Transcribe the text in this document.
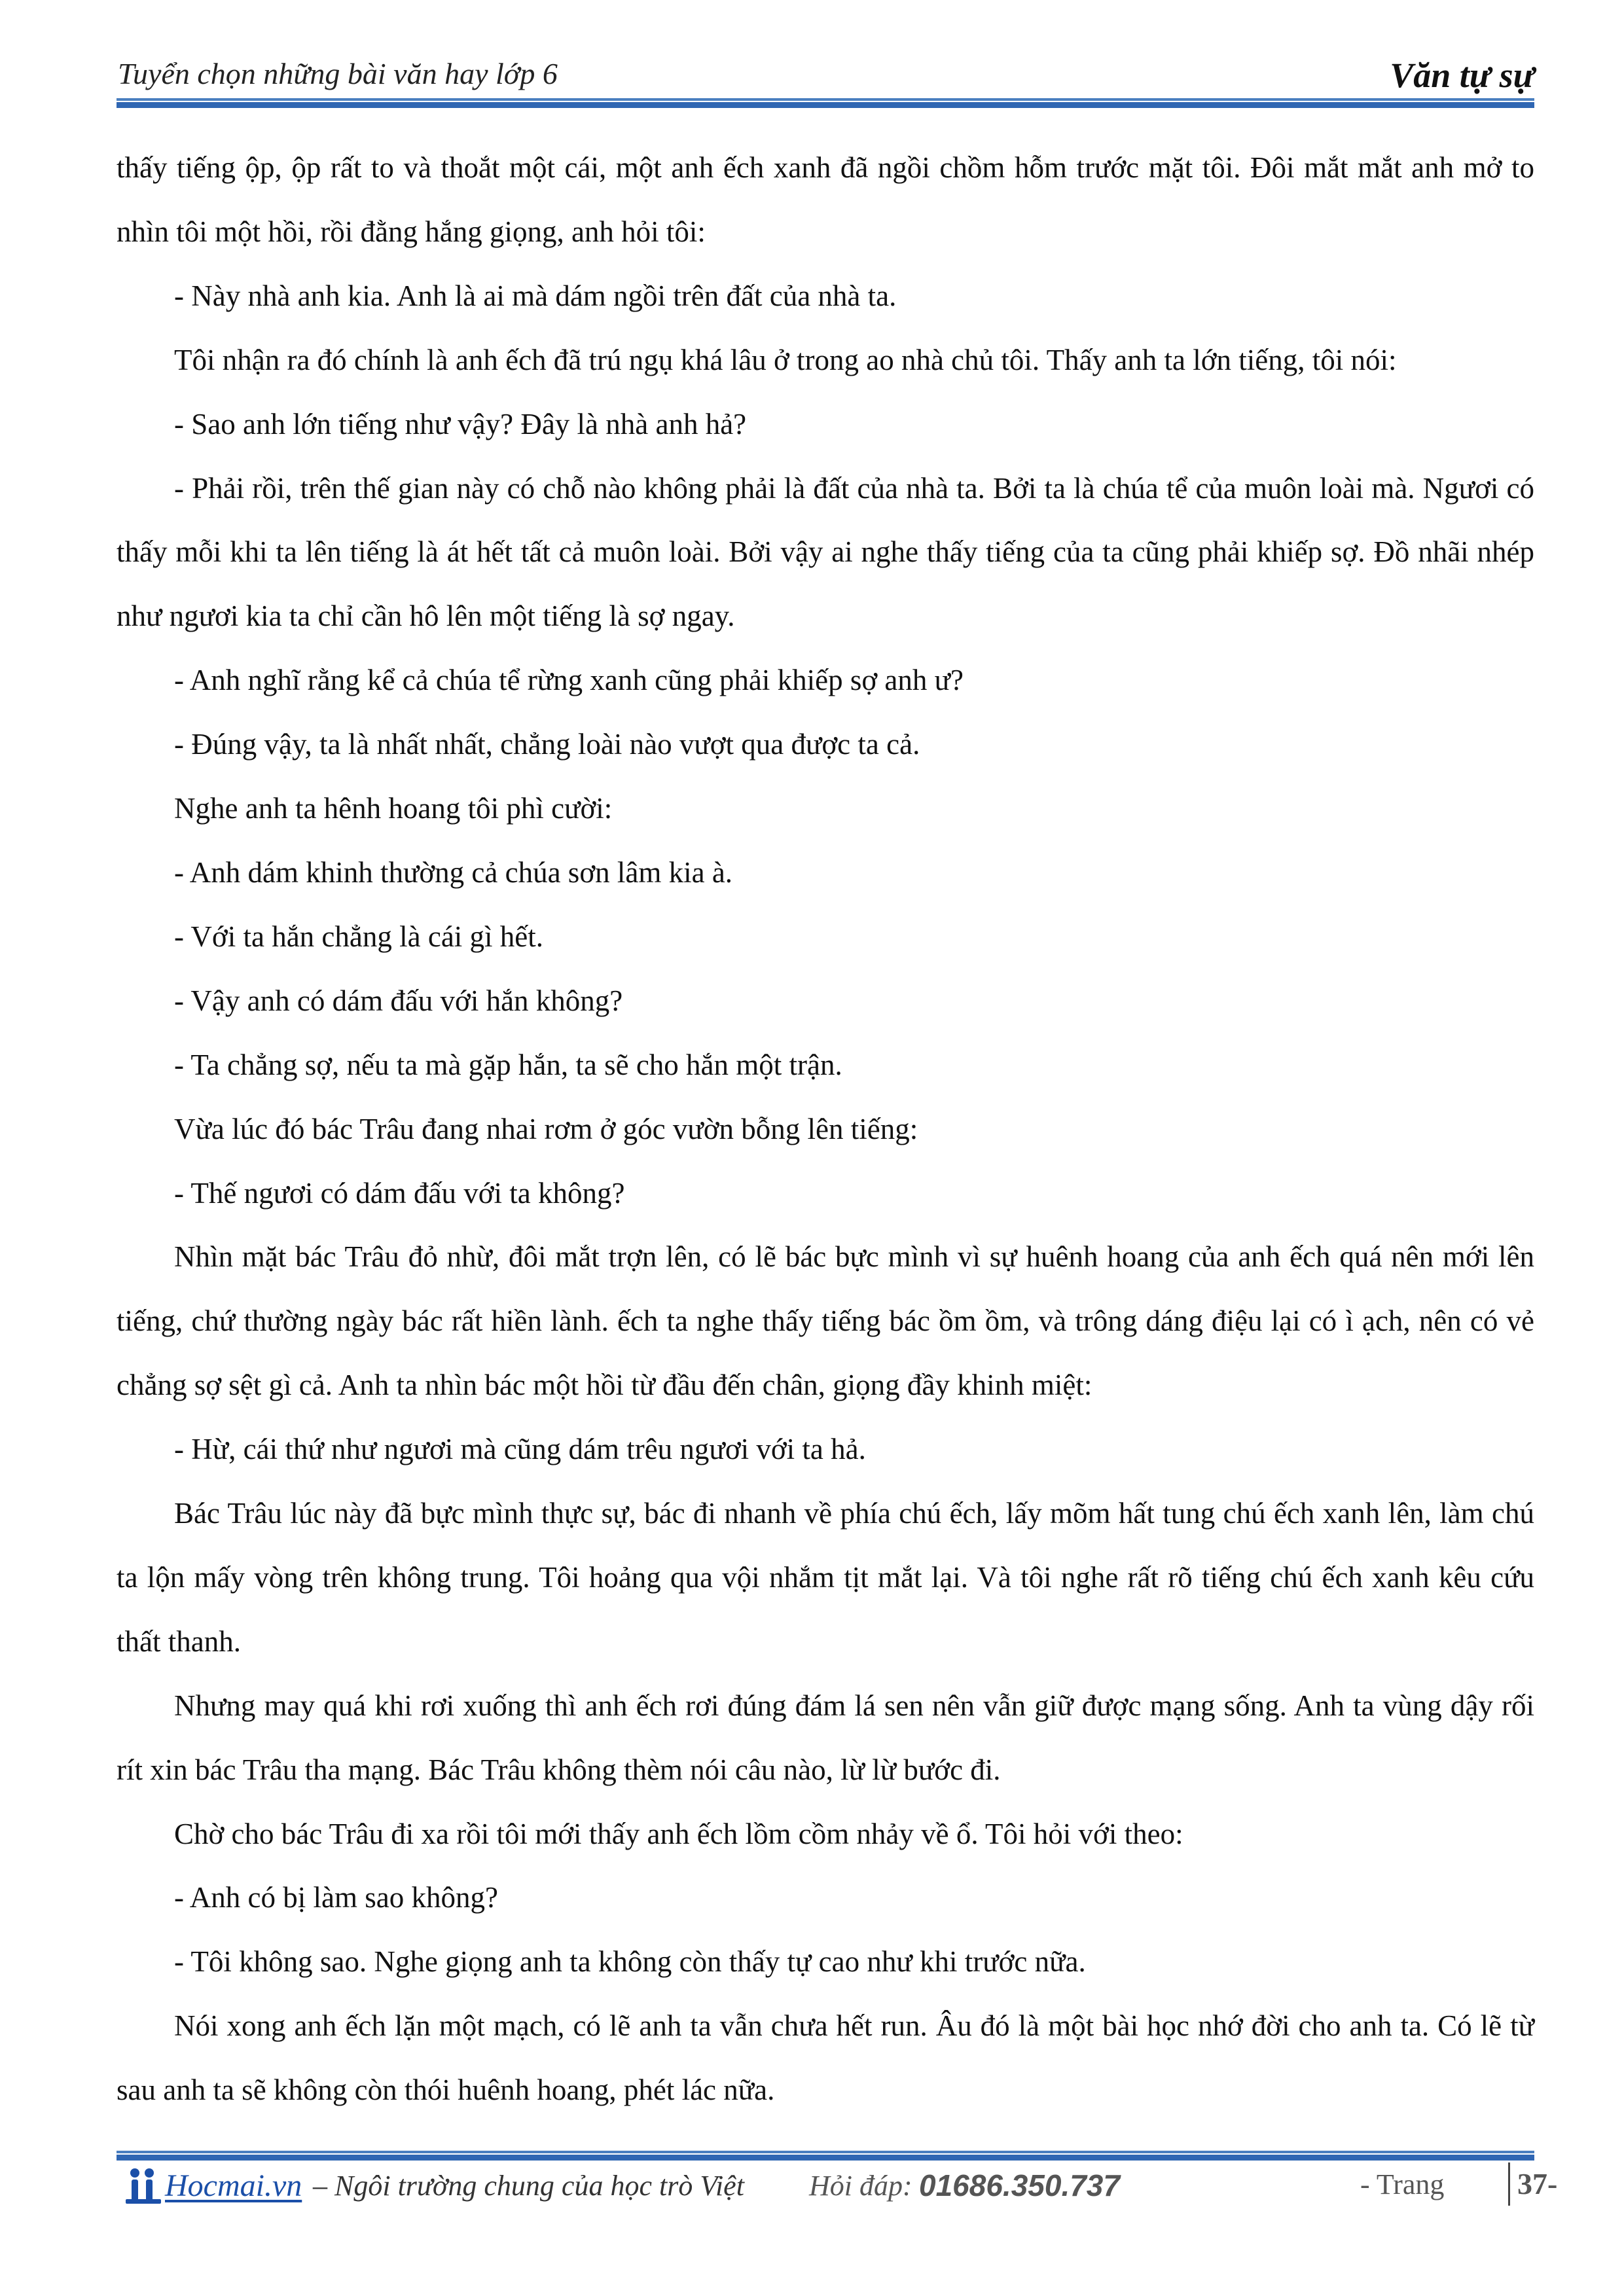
Tuyển chọn những bài văn hay lớp 6	Văn tự sự

thấy tiếng ộp, ộp rất to và thoắt một cái, một anh ếch xanh đã ngồi chồm hỗm trước mặt tôi. Đôi mắt mắt anh mở to nhìn tôi một hồi, rồi đằng hắng giọng, anh hỏi tôi:

- Này nhà anh kia. Anh là ai mà dám ngồi trên đất của nhà ta.

Tôi nhận ra đó chính là anh ếch đã trú ngụ khá lâu ở trong ao nhà chủ tôi. Thấy anh ta lớn tiếng, tôi nói:

- Sao anh lớn tiếng như vậy? Đây là nhà anh hả?

- Phải rồi, trên thế gian này có chỗ nào không phải là đất của nhà ta. Bởi ta là chúa tể của muôn loài mà. Ngươi có thấy mỗi khi ta lên tiếng là át hết tất cả muôn loài. Bởi vậy ai nghe thấy tiếng của ta cũng phải khiếp sợ. Đồ nhãi nhép như ngươi kia ta chỉ cần hô lên một tiếng là sợ ngay.

- Anh nghĩ rằng kể cả chúa tể rừng xanh cũng phải khiếp sợ anh ư?

- Đúng vậy, ta là nhất nhất, chẳng loài nào vượt qua được ta cả.

Nghe anh ta hênh hoang tôi phì cười:

- Anh dám khinh thường cả chúa sơn lâm kia à.

- Với ta hắn chẳng là cái gì hết.

- Vậy anh có dám đấu với hắn không?

- Ta chẳng sợ, nếu ta mà gặp hắn, ta sẽ cho hắn một trận.

Vừa lúc đó bác Trâu đang nhai rơm ở góc vườn bỗng lên tiếng:

- Thế ngươi có dám đấu với ta không?

Nhìn mặt bác Trâu đỏ nhừ, đôi mắt trợn lên, có lẽ bác bực mình vì sự huênh hoang của anh ếch quá nên mới lên tiếng, chứ thường ngày bác rất hiền lành. ếch ta nghe thấy tiếng bác ồm ồm, và trông dáng điệu lại có ì ạch, nên có vẻ chẳng sợ sệt gì cả. Anh ta nhìn bác một hồi từ đầu đến chân, giọng đầy khinh miệt:

- Hừ, cái thứ như ngươi mà cũng dám trêu ngươi với ta hả.

Bác Trâu lúc này đã bực mình thực sự, bác đi nhanh về phía chú ếch, lấy mõm hất tung chú ếch xanh lên, làm chú ta lộn mấy vòng trên không trung. Tôi hoảng qua vội nhắm tịt mắt lại. Và tôi nghe rất rõ tiếng chú ếch xanh kêu cứu thất thanh.

Nhưng may quá khi rơi xuống thì anh ếch rơi đúng đám lá sen nên vẫn giữ được mạng sống. Anh ta vùng dậy rối rít xin bác Trâu tha mạng. Bác Trâu không thèm nói câu nào, lừ lừ bước đi.

Chờ cho bác Trâu đi xa rồi tôi mới thấy anh ếch lồm cồm nhảy về ổ. Tôi hỏi với theo:

- Anh có bị làm sao không?

- Tôi không sao. Nghe giọng anh ta không còn thấy tự cao như khi trước nữa.

Nói xong anh ếch lặn một mạch, có lẽ anh ta vẫn chưa hết run. Âu đó là một bài học nhớ đời cho anh ta. Có lẽ từ sau anh ta sẽ không còn thói huênh hoang, phét lác nữa.

Hocmai.vn – Ngôi trường chung của học trò Việt Hỏi đáp: 01686.350.737	- Trang 37-
